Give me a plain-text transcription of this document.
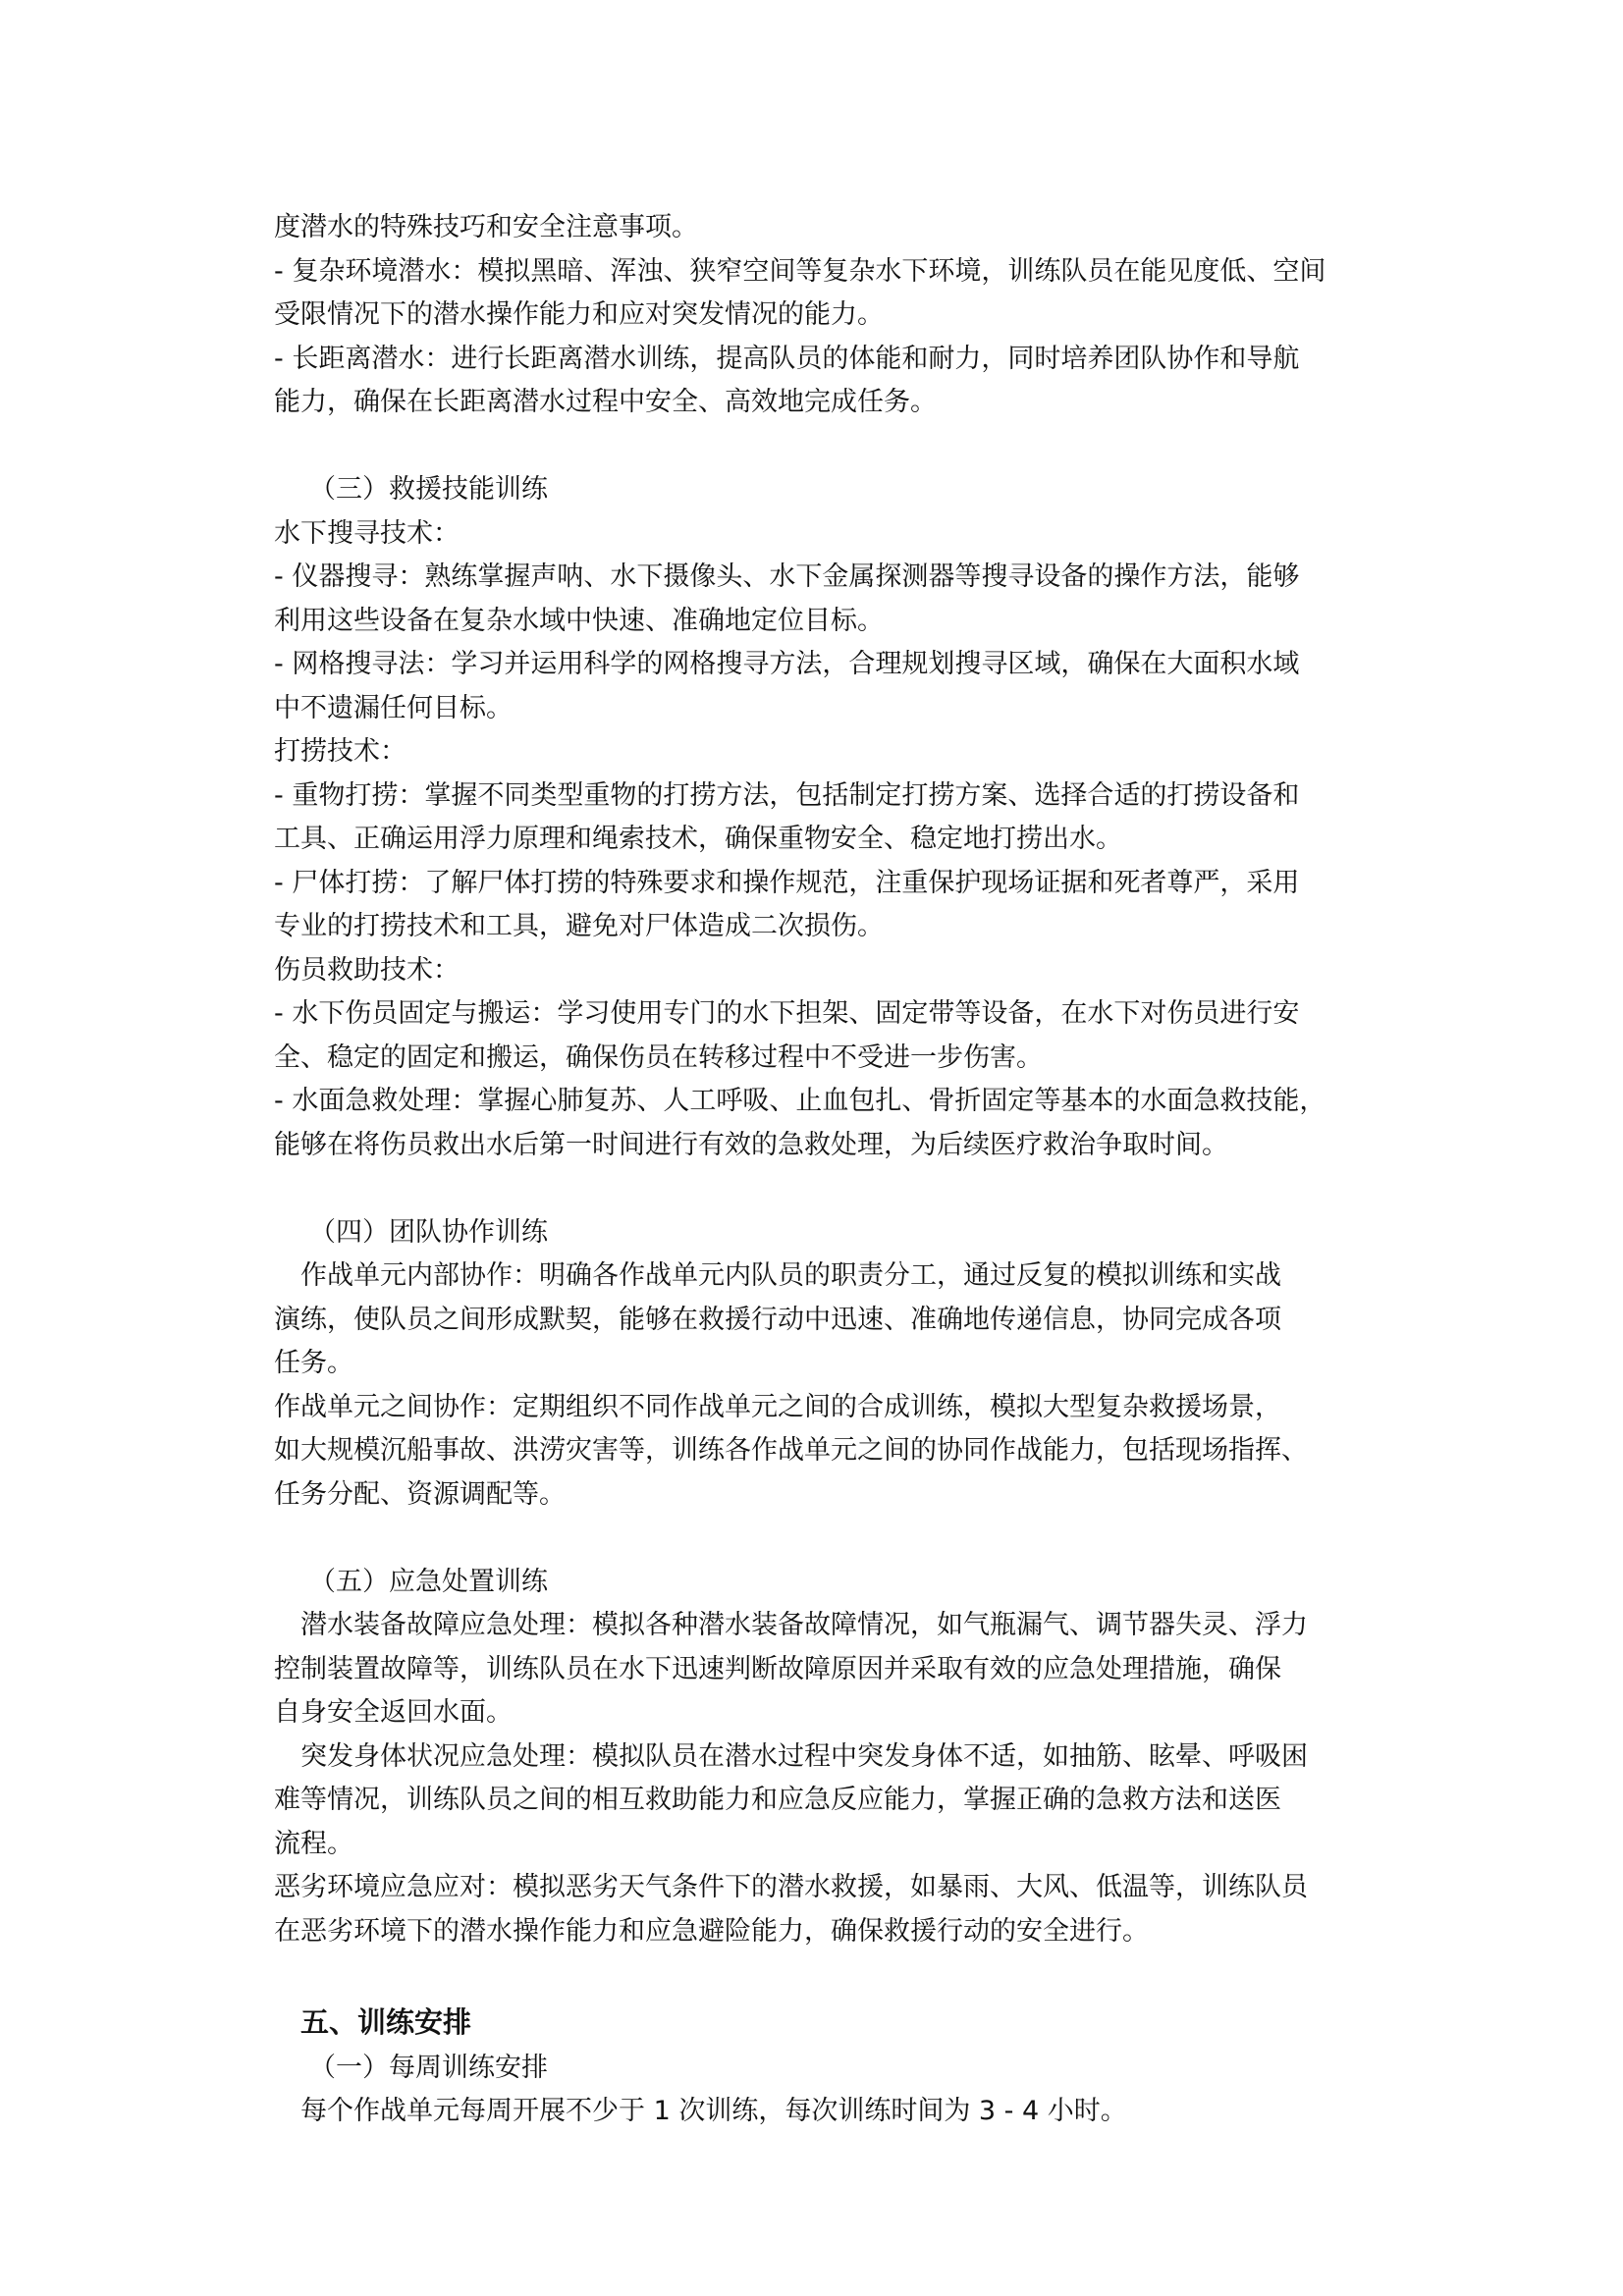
度潜水的特殊技巧和安全注意事项。
- 复杂环境潜水：模拟黑暗、浑浊、狭窄空间等复杂水下环境，训练队员在能见度低、空间
受限情况下的潜水操作能力和应对突发情况的能力。
- 长距离潜水：进行长距离潜水训练，提高队员的体能和耐力，同时培养团队协作和导航
能力，确保在长距离潜水过程中安全、高效地完成任务。
（三）救援技能训练
水下搜寻技术：
- 仪器搜寻：熟练掌握声呐、水下摄像头、水下金属探测器等搜寻设备的操作方法，能够
利用这些设备在复杂水域中快速、准确地定位目标。
- 网格搜寻法：学习并运用科学的网格搜寻方法，合理规划搜寻区域，确保在大面积水域
中不遗漏任何目标。
打捞技术：
- 重物打捞：掌握不同类型重物的打捞方法，包括制定打捞方案、选择合适的打捞设备和
工具、正确运用浮力原理和绳索技术，确保重物安全、稳定地打捞出水。
- 尸体打捞：了解尸体打捞的特殊要求和操作规范，注重保护现场证据和死者尊严，采用
专业的打捞技术和工具，避免对尸体造成二次损伤。
伤员救助技术：
- 水下伤员固定与搬运：学习使用专门的水下担架、固定带等设备，在水下对伤员进行安
全、稳定的固定和搬运，确保伤员在转移过程中不受进一步伤害。
- 水面急救处理：掌握心肺复苏、人工呼吸、止血包扎、骨折固定等基本的水面急救技能，
能够在将伤员救出水后第一时间进行有效的急救处理，为后续医疗救治争取时间。
（四）团队协作训练
作战单元内部协作：明确各作战单元内队员的职责分工，通过反复的模拟训练和实战
演练，使队员之间形成默契，能够在救援行动中迅速、准确地传递信息，协同完成各项
任务。
作战单元之间协作：定期组织不同作战单元之间的合成训练，模拟大型复杂救援场景，
如大规模沉船事故、洪涝灾害等，训练各作战单元之间的协同作战能力，包括现场指挥、
任务分配、资源调配等。
（五）应急处置训练
潜水装备故障应急处理：模拟各种潜水装备故障情况，如气瓶漏气、调节器失灵、浮力
控制装置故障等，训练队员在水下迅速判断故障原因并采取有效的应急处理措施，确保
自身安全返回水面。
突发身体状况应急处理：模拟队员在潜水过程中突发身体不适，如抽筋、眩晕、呼吸困
难等情况，训练队员之间的相互救助能力和应急反应能力，掌握正确的急救方法和送医
流程。
恶劣环境应急应对：模拟恶劣天气条件下的潜水救援，如暴雨、大风、低温等，训练队员
在恶劣环境下的潜水操作能力和应急避险能力，确保救援行动的安全进行。
五、训练安排
（一）每周训练安排
每个作战单元每周开展不少于 1 次训练，每次训练时间为 3 - 4 小时。
